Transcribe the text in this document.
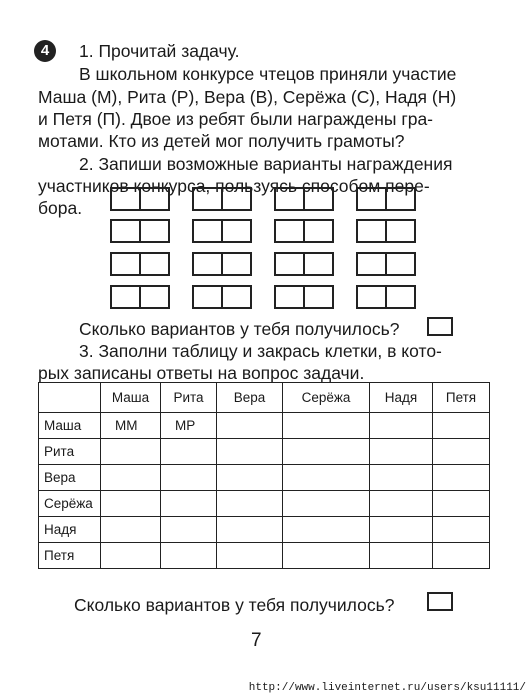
4	1. Прочитай задачу.
В школьном конкурсе чтецов приняли участие
Маша (М), Рита (Р), Вера (В), Серёжа (С), Надя (Н)
и Петя (П). Двое из ребят были награждены гра-
мотами. Кто из детей мог получить грамоты?
2. Запиши возможные варианты награждения
участников конкурса, пользуясь способом пере-
бора.
Сколько вариантов у тебя получилось?
3. Заполни таблицу и закрась клетки, в кото-
рых записаны ответы на вопрос задачи.
	Маша	Рита	Вера	Серёжа	Надя	Петя
Маша	ММ	МР				
Рита						
Вера						
Серёжа						
Надя						
Петя						
Сколько вариантов у тебя получилось?
7
http://www.liveinternet.ru/users/ksu11111/
